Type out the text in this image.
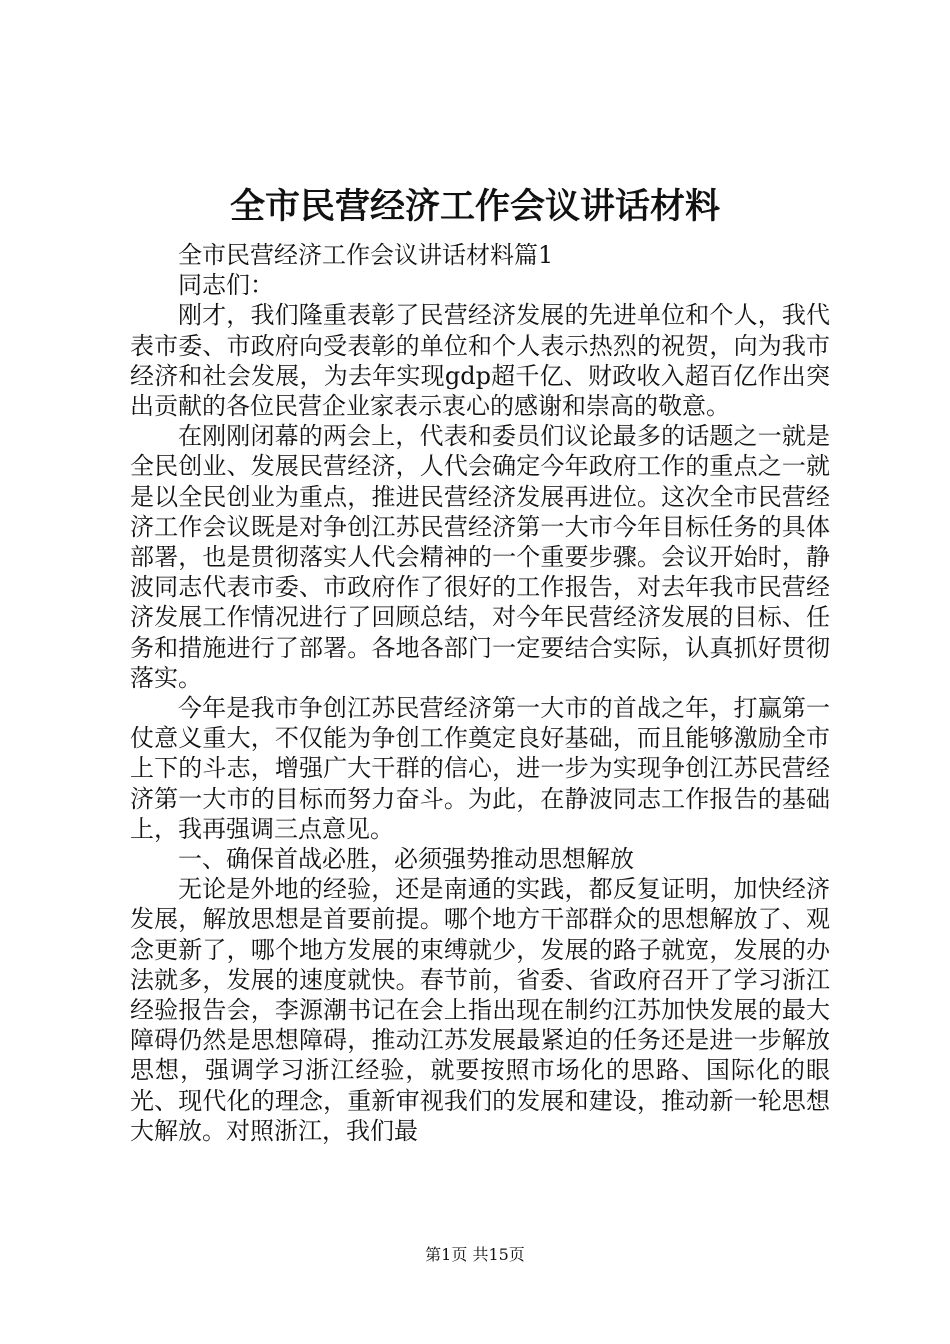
全市民营经济工作会议讲话材料

全市民营经济工作会议讲话材料篇1

同志们：

刚才，我们隆重表彰了民营经济发展的先进单位和个人，我代表市委、市政府向受表彰的单位和个人表示热烈的祝贺，向为我市经济和社会发展，为去年实现gdp超千亿、财政收入超百亿作出突出贡献的各位民营企业家表示衷心的感谢和崇高的敬意。

在刚刚闭幕的两会上，代表和委员们议论最多的话题之一就是全民创业、发展民营经济，人代会确定今年政府工作的重点之一就是以全民创业为重点，推进民营经济发展再进位。这次全市民营经济工作会议既是对争创江苏民营经济第一大市今年目标任务的具体部署，也是贯彻落实人代会精神的一个重要步骤。会议开始时，静波同志代表市委、市政府作了很好的工作报告，对去年我市民营经济发展工作情况进行了回顾总结，对今年民营经济发展的目标、任务和措施进行了部署。各地各部门一定要结合实际，认真抓好贯彻落实。

今年是我市争创江苏民营经济第一大市的首战之年，打赢第一仗意义重大，不仅能为争创工作奠定良好基础，而且能够激励全市上下的斗志，增强广大干群的信心，进一步为实现争创江苏民营经济第一大市的目标而努力奋斗。为此，在静波同志工作报告的基础上，我再强调三点意见。

一、确保首战必胜，必须强势推动思想解放

无论是外地的经验，还是南通的实践，都反复证明，加快经济发展，解放思想是首要前提。哪个地方干部群众的思想解放了、观念更新了，哪个地方发展的束缚就少，发展的路子就宽，发展的办法就多，发展的速度就快。春节前，省委、省政府召开了学习浙江经验报告会，李源潮书记在会上指出现在制约江苏加快发展的最大障碍仍然是思想障碍，推动江苏发展最紧迫的任务还是进一步解放思想，强调学习浙江经验，就要按照市场化的思路、国际化的眼光、现代化的理念，重新审视我们的发展和建设，推动新一轮思想大解放。对照浙江，我们最

第1页 共15页
